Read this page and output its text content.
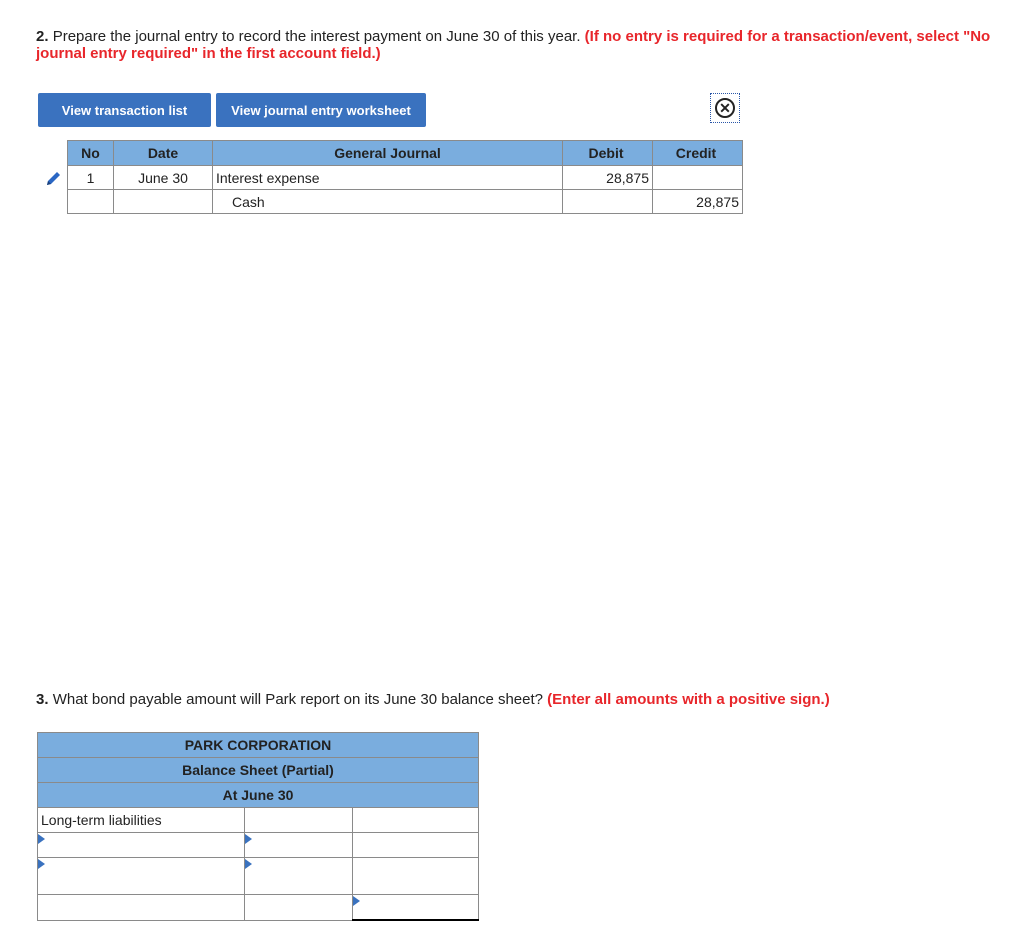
2. Prepare the journal entry to record the interest payment on June 30 of this year. (If no entry is required for a transaction/event, select "No journal entry required" in the first account field.)
View transaction list	View journal entry worksheet	✕
No	Date	General Journal	Debit	Credit
1	June 30	Interest expense	28,875	
		Cash		28,875
3. What bond payable amount will Park report on its June 30 balance sheet? (Enter all amounts with a positive sign.)
PARK CORPORATION		
Balance Sheet (Partial)		
At June 30		
Long-term liabilities		
